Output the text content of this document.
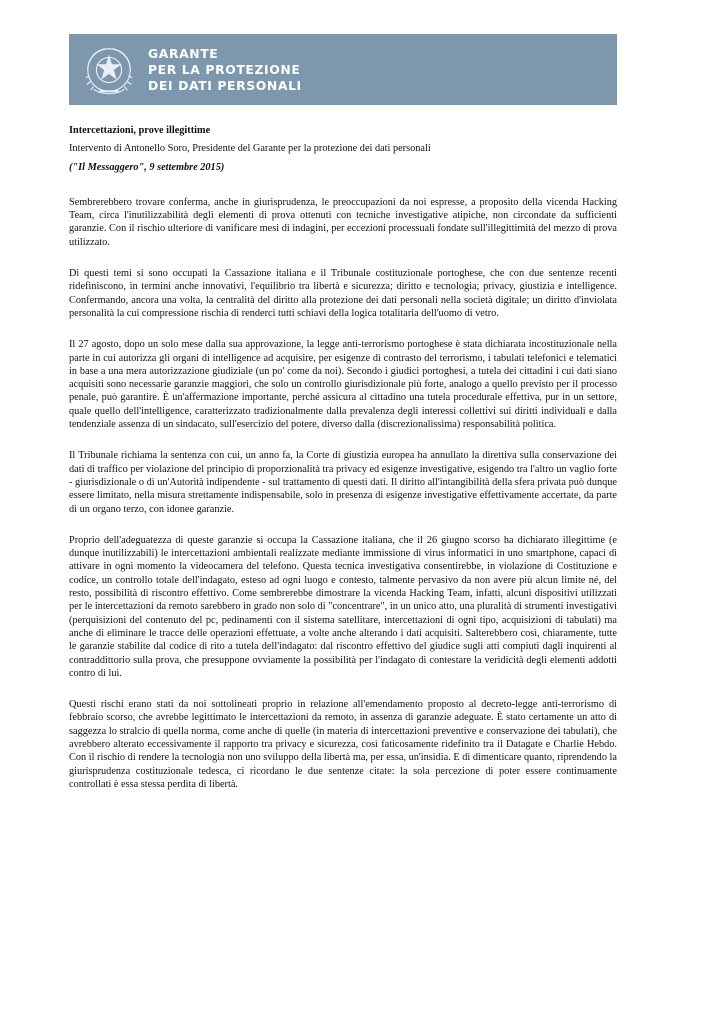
GARANTE
PER LA PROTEZIONE
DEI DATI PERSONALI
Intercettazioni, prove illegittime
Intervento di Antonello Soro, Presidente del Garante per la protezione dei dati personali
("Il Messaggero", 9 settembre 2015)

Sembrerebbero trovare conferma, anche in giurisprudenza, le preoccupazioni da noi espresse, a proposito della vicenda Hacking Team, circa l'inutilizzabilità degli elementi di prova ottenuti con tecniche investigative atipiche, non circondate da sufficienti garanzie. Con il rischio ulteriore di vanificare mesi di indagini, per eccezioni processuali fondate sull'illegittimità del mezzo di prova utilizzato.

Di questi temi si sono occupati la Cassazione italiana e il Tribunale costituzionale portoghese, che con due sentenze recenti ridefiniscono, in termini anche innovativi, l'equilibrio tra libertà e sicurezza; diritto e tecnologia; privacy, giustizia e intelligence. Confermando, ancora una volta, la centralità del diritto alla protezione dei dati personali nella società digitale; un diritto d'inviolata personalità la cui compressione rischia di renderci tutti schiavi della logica totalitaria dell'uomo di vetro.

Il 27 agosto, dopo un solo mese dalla sua approvazione, la legge anti-terrorismo portoghese è stata dichiarata incostituzionale nella parte in cui autorizza gli organi di intelligence ad acquisire, per esigenze di contrasto del terrorismo, i tabulati telefonici e telematici in base a una mera autorizzazione giudiziale (un po' come da noi). Secondo i giudici portoghesi, a tutela dei cittadini i cui dati siano acquisiti sono necessarie garanzie maggiori, che solo un controllo giurisdizionale più forte, analogo a quello previsto per il processo penale, può garantire. È un'affermazione importante, perché assicura al cittadino una tutela procedurale effettiva, pur in un settore, quale quello dell'intelligence, caratterizzato tradizionalmente dalla prevalenza degli interessi collettivi sui diritti individuali e dalla tendenziale assenza di un sindacato, sull'esercizio del potere, diverso dalla (discrezionalissima) responsabilità politica.

Il Tribunale richiama la sentenza con cui, un anno fa, la Corte di giustizia europea ha annullato la direttiva sulla conservazione dei dati di traffico per violazione del principio di proporzionalità tra privacy ed esigenze investigative, esigendo tra l'altro un vaglio forte - giurisdizionale o di un'Autorità indipendente - sul trattamento di questi dati. Il diritto all'intangibilità della sfera privata può dunque essere limitato, nella misura strettamente indispensabile, solo in presenza di esigenze investigative effettivamente accertate, da parte di un organo terzo, con idonee garanzie.

Proprio dell'adeguatezza di queste garanzie si occupa la Cassazione italiana, che il 26 giugno scorso ha dichiarato illegittime (e dunque inutilizzabili) le intercettazioni ambientali realizzate mediante immissione di virus informatici in uno smartphone, capaci di attivare in ogni momento la videocamera del telefono. Questa tecnica investigativa consentirebbe, in violazione di Costituzione e codice, un controllo totale dell'indagato, esteso ad ogni luogo e contesto, talmente pervasivo da non avere più alcun limite né, del resto, possibilità di riscontro effettivo. Come sembrerebbe dimostrare la vicenda Hacking Team, infatti, alcuni dispositivi utilizzati per le intercettazioni da remoto sarebbero in grado non solo di "concentrare", in un unico atto, una pluralità di strumenti investigativi (perquisizioni del contenuto del pc, pedinamenti con il sistema satellitare, intercettazioni di ogni tipo, acquisizioni di tabulati) ma anche di eliminare le tracce delle operazioni effettuate, a volte anche alterando i dati acquisiti. Salterebbero così, chiaramente, tutte le garanzie stabilite dal codice di rito a tutela dell'indagato: dal riscontro effettivo del giudice sugli atti compiuti dagli inquirenti al contraddittorio sulla prova, che presuppone ovviamente la possibilità per l'indagato di contestare la veridicità degli elementi addotti contro di lui.

Questi rischi erano stati da noi sottolineati proprio in relazione all'emendamento proposto al decreto-legge anti-terrorismo di febbraio scorso, che avrebbe legittimato le intercettazioni da remoto, in assenza di garanzie adeguate. È stato certamente un atto di saggezza lo stralcio di quella norma, come anche di quelle (in materia di intercettazioni preventive e conservazione dei tabulati), che avrebbero alterato eccessivamente il rapporto tra privacy e sicurezza, così faticosamente ridefinito tra il Datagate e Charlie Hebdo. Con il rischio di rendere la tecnologia non uno sviluppo della libertà ma, per essa, un'insidia. E di dimenticare quanto, riprendendo la giurisprudenza costituzionale tedesca, ci ricordano le due sentenze citate: la sola percezione di poter essere continuamente controllati è essa stessa perdita di libertà.
